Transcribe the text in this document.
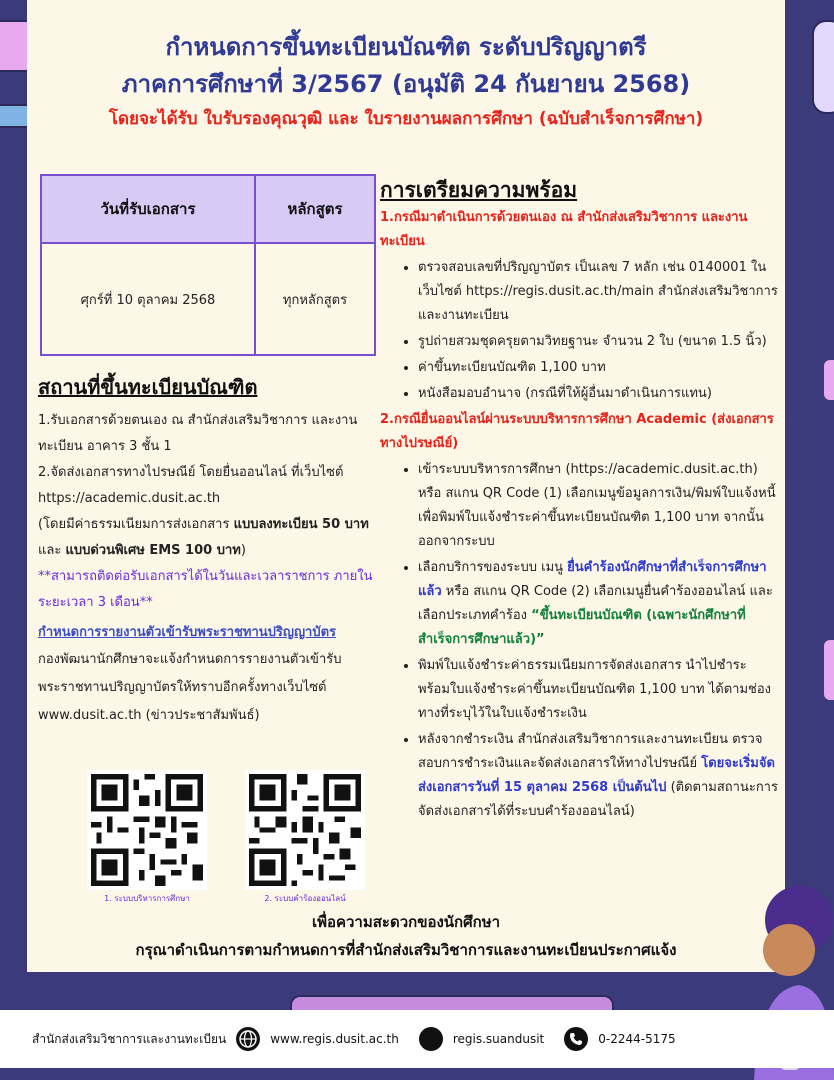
กำหนดการขึ้นทะเบียนบัณฑิต ระดับปริญญาตรี

ภาคการศึกษาที่ 3/2567 (อนุมัติ 24 กันยายน 2568)

โดยจะได้รับ ใบรับรองคุณวุฒิ และ ใบรายงานผลการศึกษา (ฉบับสำเร็จการศึกษา)

วันที่รับเอกสาร	หลักสูตร
ศุกร์ที่ 10 ตุลาคม 2568	ทุกหลักสูตร

สถานที่ขึ้นทะเบียนบัณฑิต

1.รับเอกสารด้วยตนเอง ณ สำนักส่งเสริมวิชาการ และงานทะเบียน อาคาร 3 ชั้น 1

2.จัดส่งเอกสารทางไปรษณีย์ โดยยื่นออนไลน์ ที่เว็บไซต์ https://academic.dusit.ac.th

(โดยมีค่าธรรมเนียมการส่งเอกสาร แบบลงทะเบียน 50 บาท และ แบบด่วนพิเศษ EMS 100 บาท)

**สามารถติดต่อรับเอกสารได้ในวันและเวลาราชการ ภายในระยะเวลา 3 เดือน**

กำหนดการรายงานตัวเข้ารับพระราชทานปริญญาบัตร

กองพัฒนานักศึกษาจะแจ้งกำหนดการรายงานตัวเข้ารับพระราชทานปริญญาบัตรให้ทราบอีกครั้งทางเว็บไซต์ www.dusit.ac.th (ข่าวประชาสัมพันธ์)

การเตรียมความพร้อม

1.กรณีมาดำเนินการด้วยตนเอง ณ สำนักส่งเสริมวิชาการ และงานทะเบียน

• ตรวจสอบเลขที่ปริญญาบัตร เป็นเลข 7 หลัก เช่น 0140001 ในเว็บไซต์ https://regis.dusit.ac.th/main สำนักส่งเสริมวิชาการและงานทะเบียน
• รูปถ่ายสวมชุดครุยตามวิทยฐานะ จำนวน 2 ใบ (ขนาด 1.5 นิ้ว)
• ค่าขึ้นทะเบียนบัณฑิต 1,100 บาท
• หนังสือมอบอำนาจ (กรณีที่ให้ผู้อื่นมาดำเนินการแทน)

2.กรณียื่นออนไลน์ผ่านระบบบริหารการศึกษา Academic (ส่งเอกสารทางไปรษณีย์)

• เข้าระบบบริหารการศึกษา (https://academic.dusit.ac.th) หรือ สแกน QR Code (1) เลือกเมนูข้อมูลการเงิน/พิมพ์ใบแจ้งหนี้ เพื่อพิมพ์ใบแจ้งชำระค่าขึ้นทะเบียนบัณฑิต 1,100 บาท จากนั้นออกจากระบบ
• เลือกบริการของระบบ เมนู ยื่นคำร้องนักศึกษาที่สำเร็จการศึกษาแล้ว หรือ สแกน QR Code (2) เลือกเมนูยื่นคำร้องออนไลน์ และเลือกประเภทคำร้อง “ขึ้นทะเบียนบัณฑิต (เฉพาะนักศึกษาที่สำเร็จการศึกษาแล้ว)”
• พิมพ์ใบแจ้งชำระค่าธรรมเนียมการจัดส่งเอกสาร นำไปชำระพร้อมใบแจ้งชำระค่าขึ้นทะเบียนบัณฑิต 1,100 บาท ได้ตามช่องทางที่ระบุไว้ในใบแจ้งชำระเงิน
• หลังจากชำระเงิน สำนักส่งเสริมวิชาการและงานทะเบียน ตรวจสอบการชำระเงินและจัดส่งเอกสารให้ทางไปรษณีย์ โดยจะเริ่มจัดส่งเอกสารวันที่ 15 ตุลาคม 2568 เป็นต้นไป (ติดตามสถานะการจัดส่งเอกสารได้ที่ระบบคำร้องออนไลน์)
1. ระบบบริหารการศึกษา	2. ระบบคำร้องออนไลน์

เพื่อความสะดวกของนักศึกษา

กรุณาดำเนินการตามกำหนดการที่สำนักส่งเสริมวิชาการและงานทะเบียนประกาศแจ้ง

สำนักส่งเสริมวิชาการและงานทะเบียน	www.regis.dusit.ac.th	f	regis.suandusit	0-2244-5175
